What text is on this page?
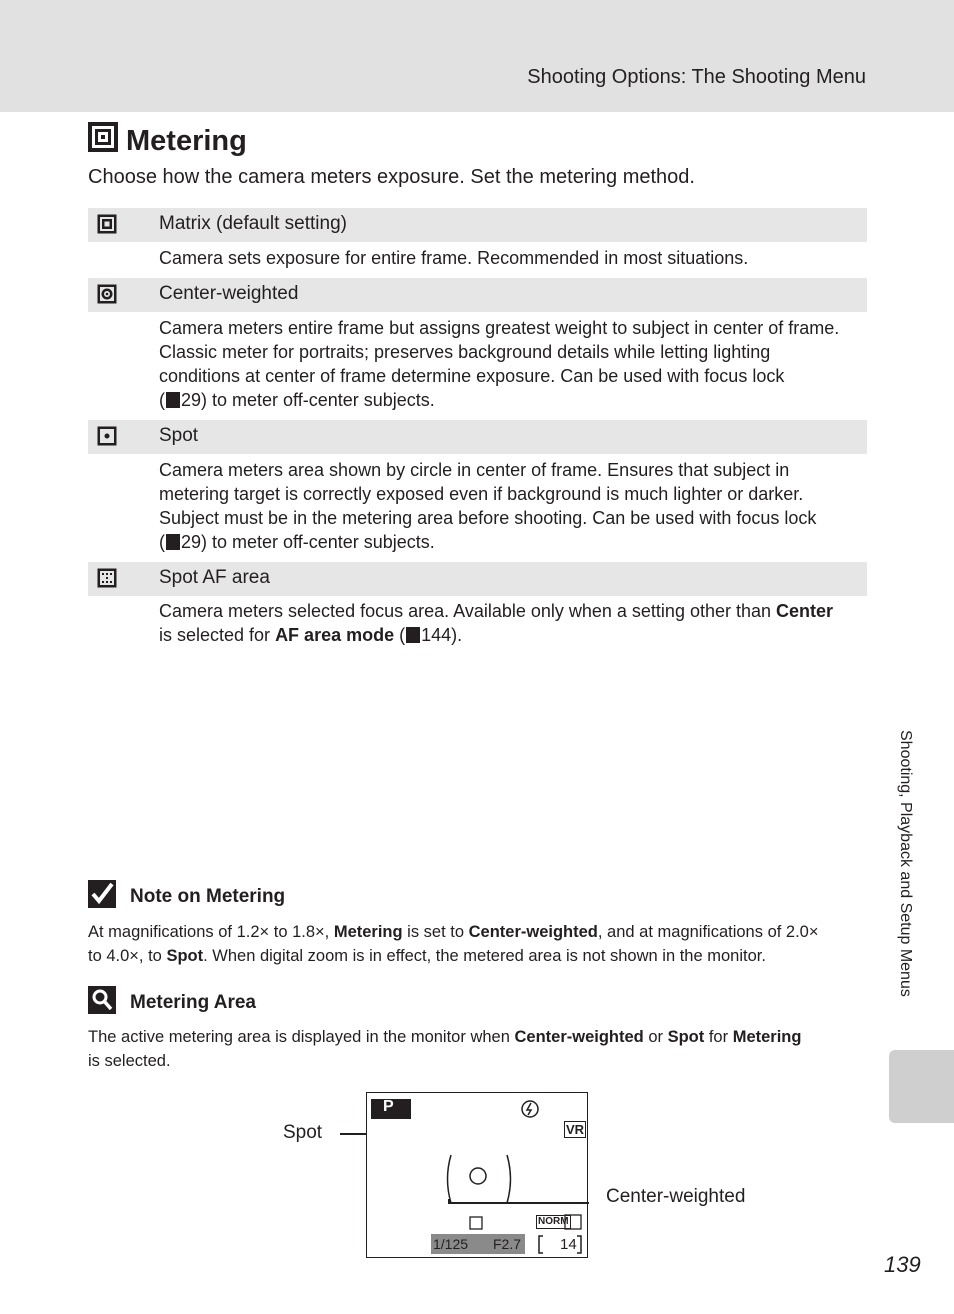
Shooting Options: The Shooting Menu
Metering
Choose how the camera meters exposure. Set the metering method.
Matrix (default setting)
Camera sets exposure for entire frame. Recommended in most situations.
Center-weighted
Camera meters entire frame but assigns greatest weight to subject in center of frame.
Classic meter for portraits; preserves background details while letting lighting
conditions at center of frame determine exposure. Can be used with focus lock
( 29) to meter off-center subjects.
Spot
Camera meters area shown by circle in center of frame. Ensures that subject in
metering target is correctly exposed even if background is much lighter or darker.
Subject must be in the metering area before shooting. Can be used with focus lock
( 29) to meter off-center subjects.
Spot AF area
Camera meters selected focus area. Available only when a setting other than Center
is selected for AF area mode ( 144).
Note on Metering
At magnifications of 1.2× to 1.8×, Metering is set to Center-weighted, and at magnifications of 2.0×
to 4.0×, to Spot. When digital zoom is in effect, the metered area is not shown in the monitor.
Metering Area
The active metering area is displayed in the monitor when Center-weighted or Spot for Metering
is selected.
Spot
Center-weighted
P
VR
1/125 F2.7
NORM
14
Shooting, Playback and Setup Menus
139
